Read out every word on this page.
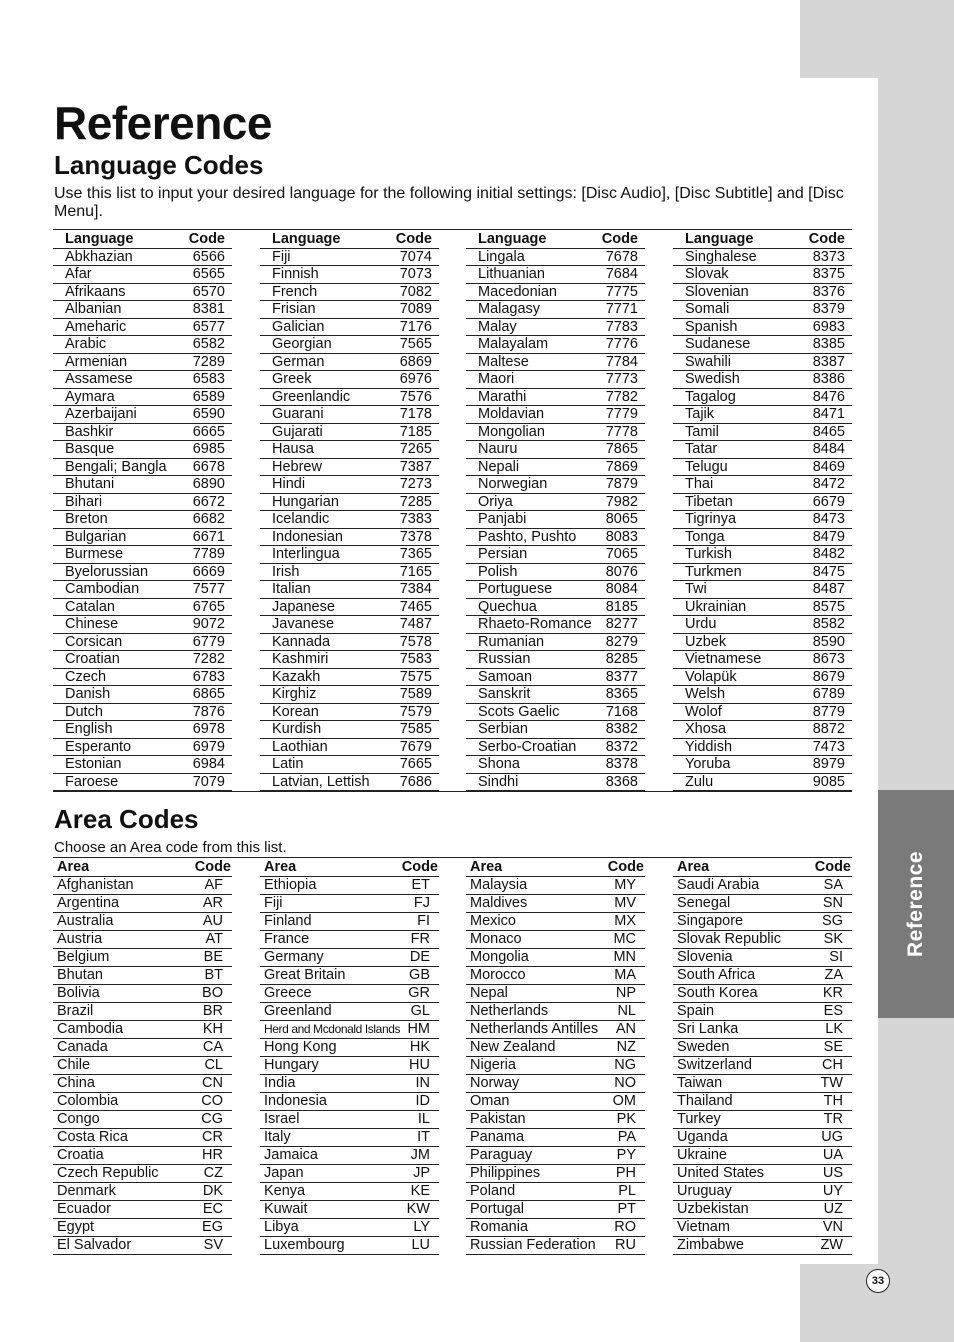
Reference
33
Reference
Language Codes

Use this list to input your desired language for the following initial settings: [Disc Audio], [Disc Subtitle] and [Disc Menu].

Language	Code
Abkhazian	6566
Afar	6565
Afrikaans	6570
Albanian	8381
Ameharic	6577
Arabic	6582
Armenian	7289
Assamese	6583
Aymara	6589
Azerbaijani	6590
Bashkir	6665
Basque	6985
Bengali; Bangla 6678
Bhutani	6890
Bihari	6672
Breton	6682
Bulgarian	6671
Burmese	7789
Byelorussian	6669
Cambodian	7577
Catalan	6765
Chinese	9072
Corsican	6779
Croatian	7282
Czech	6783
Danish	6865
Dutch	7876
English	6978
Esperanto	6979
Estonian	6984
Faroese	7079
Language	Code
Fiji	7074
Finnish	7073
French	7082
Frisian	7089
Galician	7176
Georgian	7565
German	6869
Greek	6976
Greenlandic	7576
Guarani	7178
Gujarati	7185
Hausa	7265
Hebrew	7387
Hindi	7273
Hungarian	7285
Icelandic	7383
Indonesian	7378
Interlingua	7365
Irish	7165
Italian	7384
Japanese	7465
Javanese	7487
Kannada	7578
Kashmiri	7583
Kazakh	7575
Kirghiz	7589
Korean	7579
Kurdish	7585
Laothian	7679
Latin	7665
Latvian, Lettish 7686
Language	Code
Lingala	7678
Lithuanian	7684
Macedonian	7775
Malagasy	7771
Malay	7783
Malayalam	7776
Maltese	7784
Maori	7773
Marathi	7782
Moldavian	7779
Mongolian	7778
Nauru	7865
Nepali	7869
Norwegian	7879
Oriya	7982
Panjabi	8065
Pashto, Pushto 8083
Persian	7065
Polish	8076
Portuguese	8084
Quechua	8185
Rhaeto-Romance 8277
Rumanian	8279
Russian	8285
Samoan	8377
Sanskrit	8365
Scots Gaelic	7168
Serbian	8382
Serbo-Croatian 8372
Shona	8378
Sindhi	8368
Language	Code
Singhalese	8373
Slovak	8375
Slovenian	8376
Somali	8379
Spanish	6983
Sudanese	8385
Swahili	8387
Swedish	8386
Tagalog	8476
Tajik	8471
Tamil	8465
Tatar	8484
Telugu	8469
Thai	8472
Tibetan	6679
Tigrinya	8473
Tonga	8479
Turkish	8482
Turkmen	8475
Twi	8487
Ukrainian	8575
Urdu	8582
Uzbek	8590
Vietnamese	8673
Volapük	8679
Welsh	6789
Wolof	8779
Xhosa	8872
Yiddish	7473
Yoruba	8979
Zulu	9085
Area Codes

Choose an Area code from this list.

Area	Code
Afghanistan	AF
Argentina	AR
Australia	AU
Austria	AT
Belgium	BE
Bhutan	BT
Bolivia	BO
Brazil	BR
Cambodia	KH
Canada	CA
Chile	CL
China	CN
Colombia	CO
Congo	CG
Costa Rica	CR
Croatia	HR
Czech Republic	CZ
Denmark	DK
Ecuador	EC
Egypt	EG
El Salvador	SV
Area	Code
Ethiopia	ET
Fiji	FJ
Finland	FI
France	FR
Germany	DE
Great Britain	GB
Greece	GR
Greenland	GL
Herd and Mcdonald Islands HM
Hong Kong	HK
Hungary	HU
India	IN
Indonesia	ID
Israel	IL
Italy	IT
Jamaica	JM
Japan	JP
Kenya	KE
Kuwait	KW
Libya	LY
Luxembourg	LU
Area	Code
Malaysia	MY
Maldives	MV
Mexico	MX
Monaco	MC
Mongolia	MN
Morocco	MA
Nepal	NP
Netherlands	NL
Netherlands Antilles AN
New Zealand	NZ
Nigeria	NG
Norway	NO
Oman	OM
Pakistan	PK
Panama	PA
Paraguay	PY
Philippines	PH
Poland	PL
Portugal	PT
Romania	RO
Russian Federation RU
Area	Code
Saudi Arabia	SA
Senegal	SN
Singapore	SG
Slovak Republic	SK
Slovenia	SI
South Africa	ZA
South Korea	KR
Spain	ES
Sri Lanka	LK
Sweden	SE
Switzerland	CH
Taiwan	TW
Thailand	TH
Turkey	TR
Uganda	UG
Ukraine	UA
United States	US
Uruguay	UY
Uzbekistan	UZ
Vietnam	VN
Zimbabwe	ZW
